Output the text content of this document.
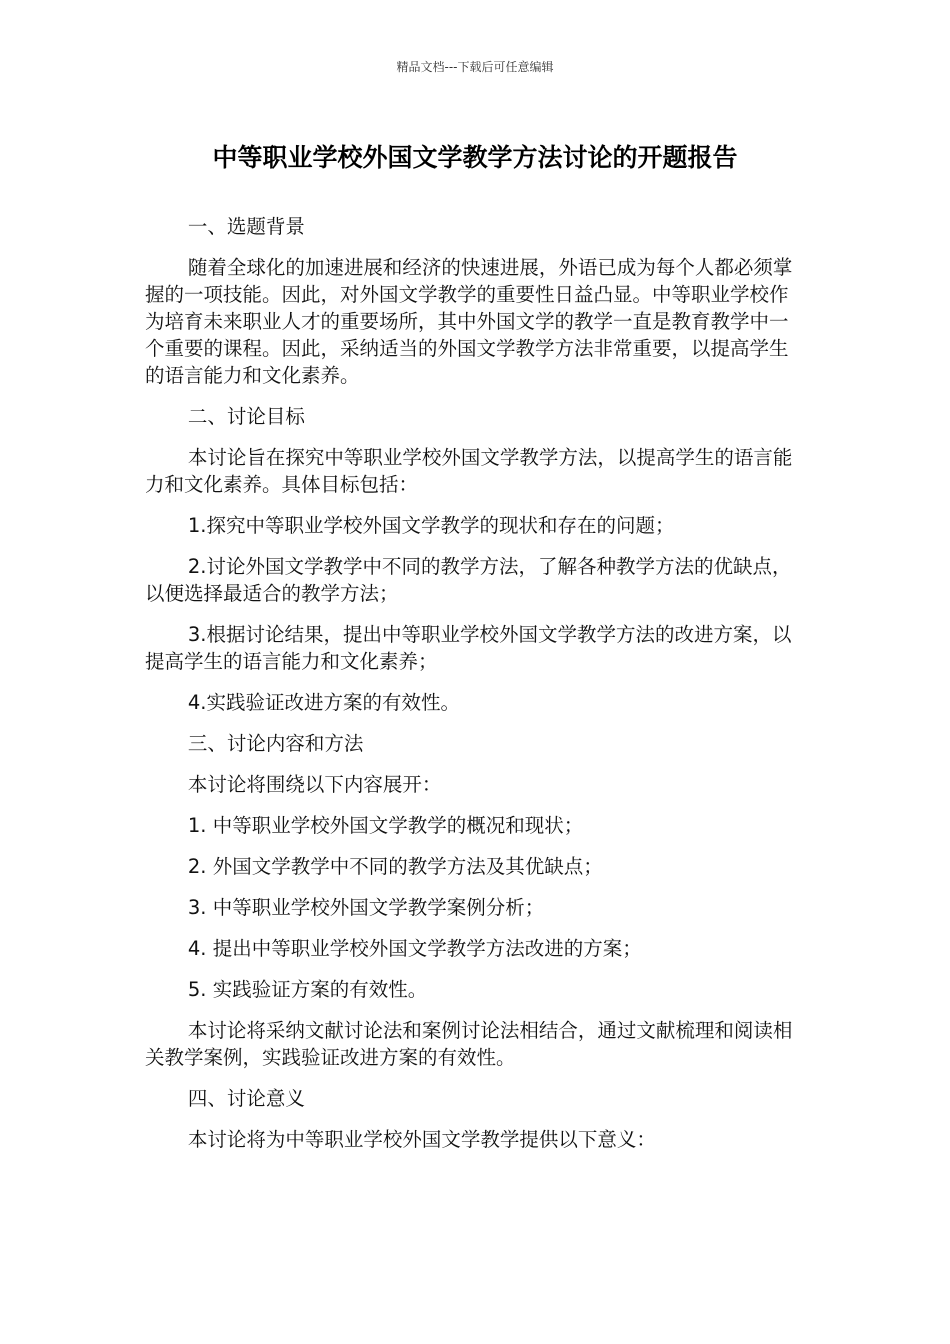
精品文档---下载后可任意编辑
中等职业学校外国文学教学方法讨论的开题报告

一、选题背景

随着全球化的加速进展和经济的快速进展，外语已成为每个人都必须掌握的一项技能。因此，对外国文学教学的重要性日益凸显。中等职业学校作为培育未来职业人才的重要场所，其中外国文学的教学一直是教育教学中一个重要的课程。因此，采纳适当的外国文学教学方法非常重要，以提高学生的语言能力和文化素养。

二、讨论目标

本讨论旨在探究中等职业学校外国文学教学方法，以提高学生的语言能力和文化素养。具体目标包括：

1.探究中等职业学校外国文学教学的现状和存在的问题；

2.讨论外国文学教学中不同的教学方法，了解各种教学方法的优缺点，以便选择最适合的教学方法；

3.根据讨论结果，提出中等职业学校外国文学教学方法的改进方案，以提高学生的语言能力和文化素养；

4.实践验证改进方案的有效性。

三、讨论内容和方法

本讨论将围绕以下内容展开：

1. 中等职业学校外国文学教学的概况和现状；

2. 外国文学教学中不同的教学方法及其优缺点；

3. 中等职业学校外国文学教学案例分析；

4. 提出中等职业学校外国文学教学方法改进的方案；

5. 实践验证方案的有效性。

本讨论将采纳文献讨论法和案例讨论法相结合，通过文献梳理和阅读相关教学案例，实践验证改进方案的有效性。

四、讨论意义

本讨论将为中等职业学校外国文学教学提供以下意义：
